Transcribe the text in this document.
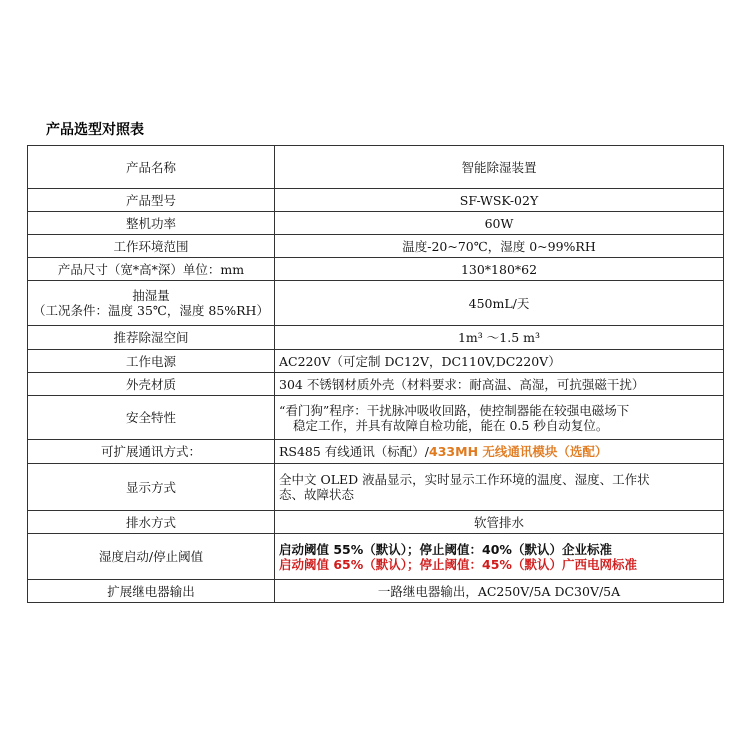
产品选型对照表
产品名称	智能除湿装置
产品型号	SF-WSK-02Y
整机功率	60W
工作环境范围	温度-20~70℃，湿度 0~99%RH
产品尺寸（宽*高*深）单位：mm	130*180*62

抽湿量
（工况条件：温度 35℃，湿度 85%RH）	450mL/天
推荐除湿空间	1m³ ～1.5 m³
工作电源	AC220V（可定制 DC12V，DC110V,DC220V）
外壳材质	304 不锈钢材质外壳（材料要求：耐高温、高湿，可抗强磁干扰）
安全特性	“看门狗”程序：干扰脉冲吸收回路，使控制器能在较强电磁场下
稳定工作，并具有故障自检功能，能在 0.5 秒自动复位。

可扩展通讯方式：	RS485 有线通讯（标配）/433MH 无线通讯模块（选配）
显示方式	全中文 OLED 液晶显示，实时显示工作环境的温度、湿度、工作状
态、故障状态

排水方式	软管排水
湿度启动/停止阈值	启动阈值 55%（默认）；停止阈值：40%（默认）企业标准
启动阈值 65%（默认）；停止阈值：45%（默认）广西电网标准

扩展继电器输出	一路继电器输出，AC250V/5A DC30V/5A
